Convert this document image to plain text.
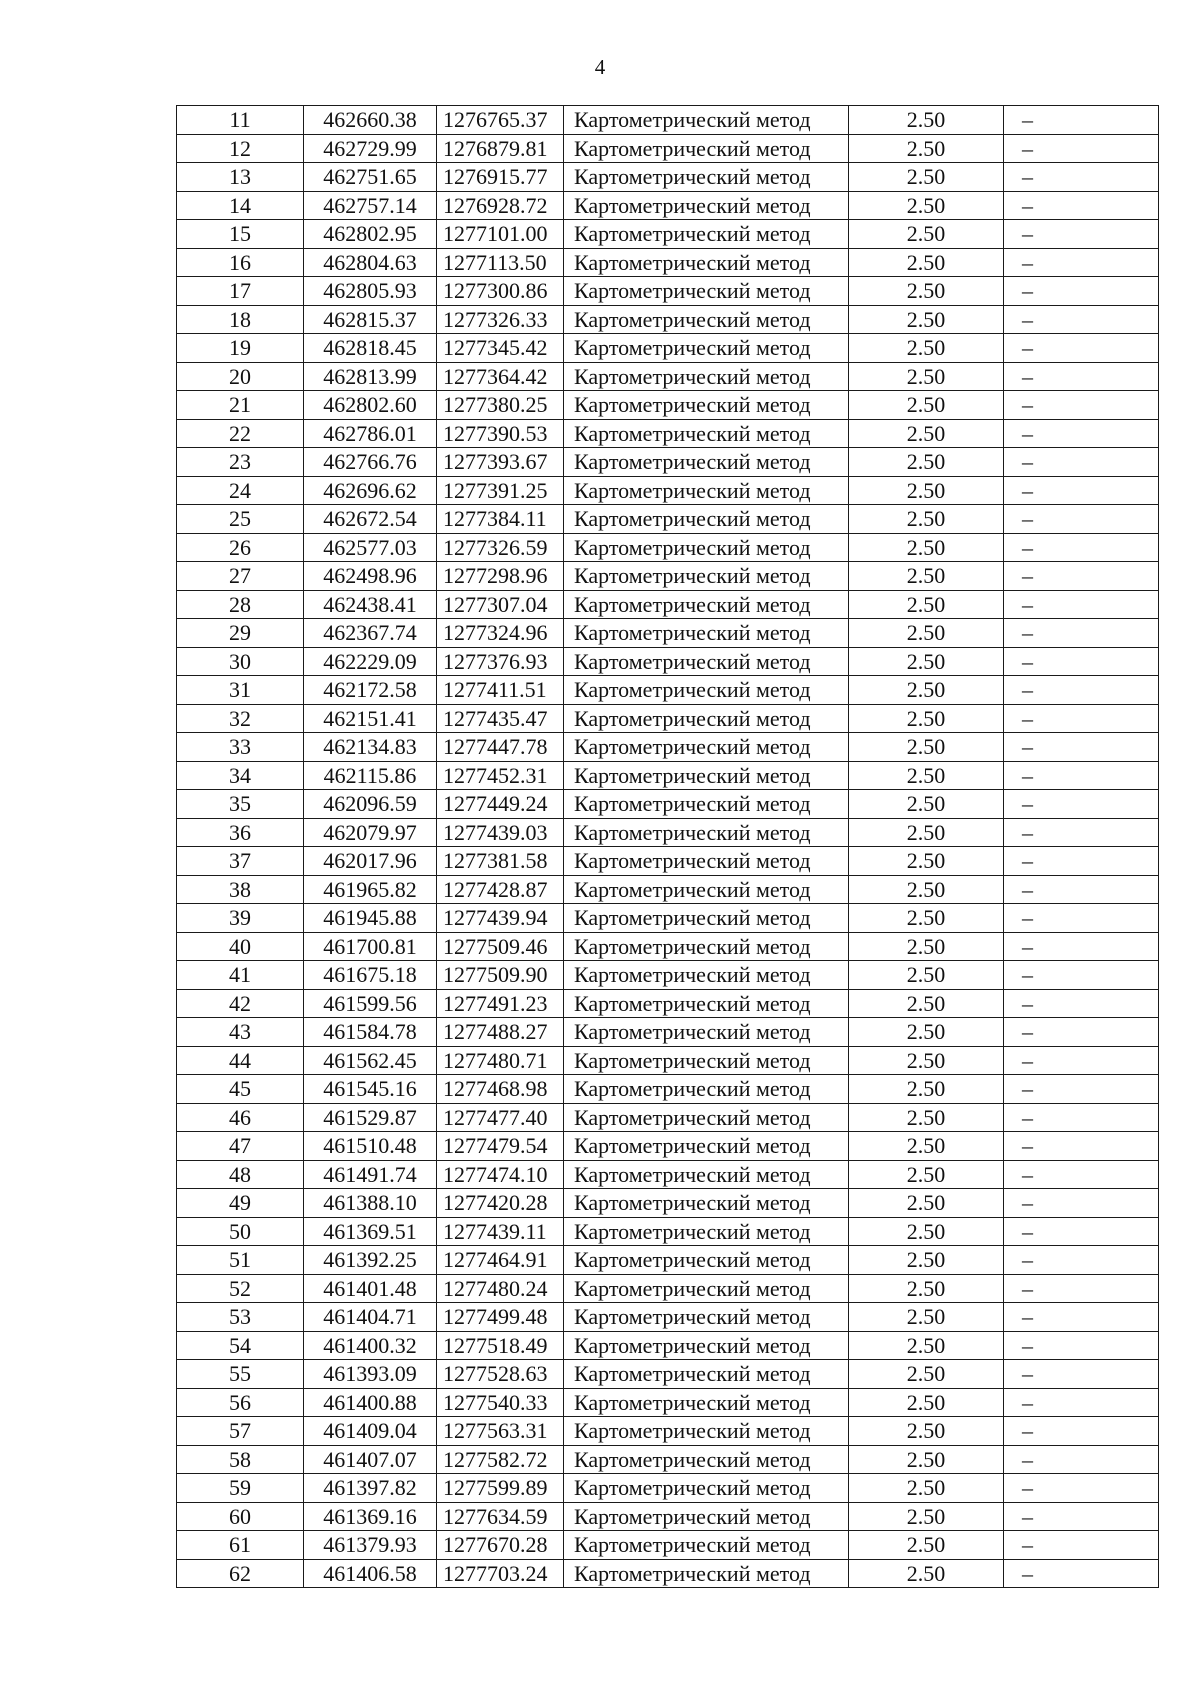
4
11	462660.38	1276765.37	Картометрический метод	2.50	–
12	462729.99	1276879.81	Картометрический метод	2.50	–
13	462751.65	1276915.77	Картометрический метод	2.50	–
14	462757.14	1276928.72	Картометрический метод	2.50	–
15	462802.95	1277101.00	Картометрический метод	2.50	–
16	462804.63	1277113.50	Картометрический метод	2.50	–
17	462805.93	1277300.86	Картометрический метод	2.50	–
18	462815.37	1277326.33	Картометрический метод	2.50	–
19	462818.45	1277345.42	Картометрический метод	2.50	–
20	462813.99	1277364.42	Картометрический метод	2.50	–
21	462802.60	1277380.25	Картометрический метод	2.50	–
22	462786.01	1277390.53	Картометрический метод	2.50	–
23	462766.76	1277393.67	Картометрический метод	2.50	–
24	462696.62	1277391.25	Картометрический метод	2.50	–
25	462672.54	1277384.11	Картометрический метод	2.50	–
26	462577.03	1277326.59	Картометрический метод	2.50	–
27	462498.96	1277298.96	Картометрический метод	2.50	–
28	462438.41	1277307.04	Картометрический метод	2.50	–
29	462367.74	1277324.96	Картометрический метод	2.50	–
30	462229.09	1277376.93	Картометрический метод	2.50	–
31	462172.58	1277411.51	Картометрический метод	2.50	–
32	462151.41	1277435.47	Картометрический метод	2.50	–
33	462134.83	1277447.78	Картометрический метод	2.50	–
34	462115.86	1277452.31	Картометрический метод	2.50	–
35	462096.59	1277449.24	Картометрический метод	2.50	–
36	462079.97	1277439.03	Картометрический метод	2.50	–
37	462017.96	1277381.58	Картометрический метод	2.50	–
38	461965.82	1277428.87	Картометрический метод	2.50	–
39	461945.88	1277439.94	Картометрический метод	2.50	–
40	461700.81	1277509.46	Картометрический метод	2.50	–
41	461675.18	1277509.90	Картометрический метод	2.50	–
42	461599.56	1277491.23	Картометрический метод	2.50	–
43	461584.78	1277488.27	Картометрический метод	2.50	–
44	461562.45	1277480.71	Картометрический метод	2.50	–
45	461545.16	1277468.98	Картометрический метод	2.50	–
46	461529.87	1277477.40	Картометрический метод	2.50	–
47	461510.48	1277479.54	Картометрический метод	2.50	–
48	461491.74	1277474.10	Картометрический метод	2.50	–
49	461388.10	1277420.28	Картометрический метод	2.50	–
50	461369.51	1277439.11	Картометрический метод	2.50	–
51	461392.25	1277464.91	Картометрический метод	2.50	–
52	461401.48	1277480.24	Картометрический метод	2.50	–
53	461404.71	1277499.48	Картометрический метод	2.50	–
54	461400.32	1277518.49	Картометрический метод	2.50	–
55	461393.09	1277528.63	Картометрический метод	2.50	–
56	461400.88	1277540.33	Картометрический метод	2.50	–
57	461409.04	1277563.31	Картометрический метод	2.50	–
58	461407.07	1277582.72	Картометрический метод	2.50	–
59	461397.82	1277599.89	Картометрический метод	2.50	–
60	461369.16	1277634.59	Картометрический метод	2.50	–
61	461379.93	1277670.28	Картометрический метод	2.50	–
62	461406.58	1277703.24	Картометрический метод	2.50	–
